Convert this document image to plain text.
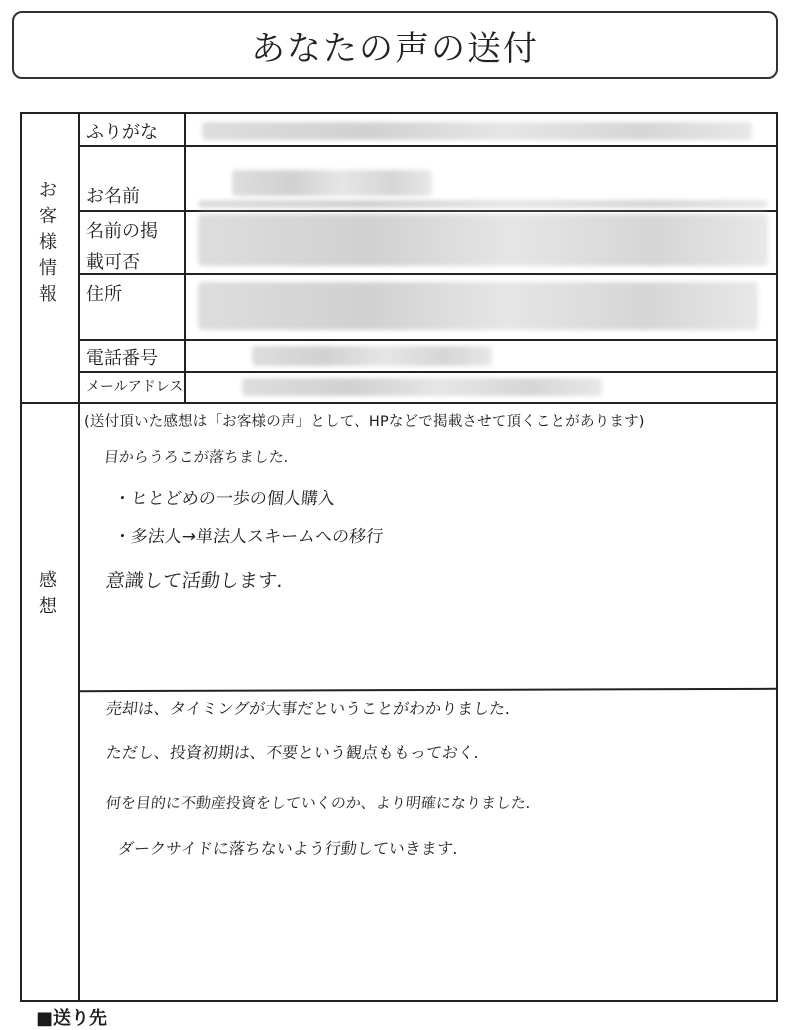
あなたの声の送付
お
客
様
情
報
感
想
ふりがな
お名前
名前の掲
載可否
住所
電話番号
メールアドレス
(送付頂いた感想は「お客様の声」として、HPなどで掲載させて頂くことがあります)
目からうろこが落ちました.
・ヒとどめの一歩の個人購入
・多法人→単法人スキームへの移行
意識して活動します.
売却は、タイミングが大事だということがわかりました.
ただし、投資初期は、不要という観点ももっておく.
何を目的に不動産投資をしていくのか、より明確になりました.
ダークサイドに落ちないよう行動していきます.
■送り先
